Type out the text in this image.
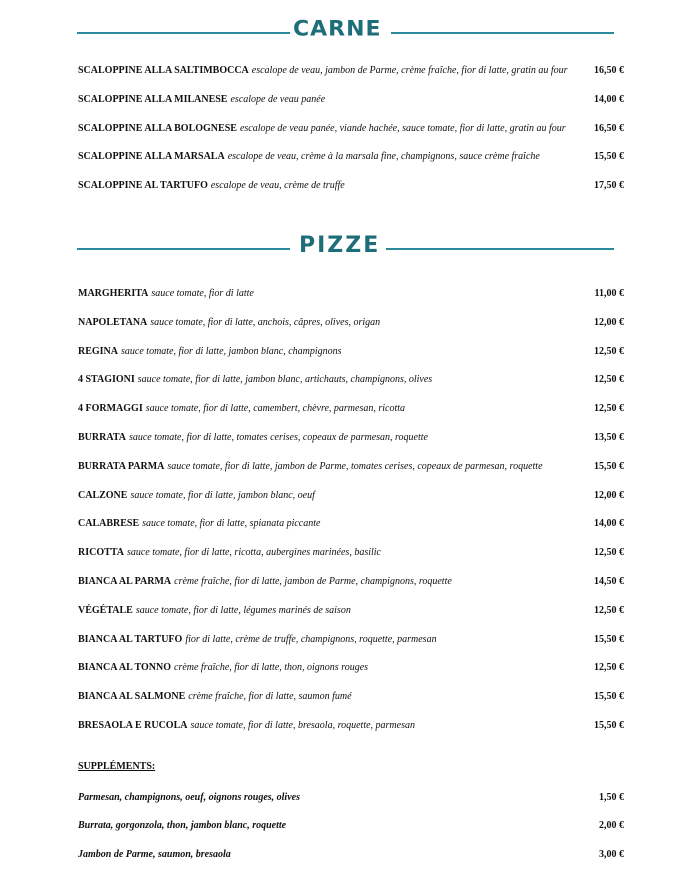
CARNE
SCALOPPINE ALLA SALTIMBOCCA escalope de veau, jambon de Parme, crème fraîche, fior di latte, gratin au four	16,50 €
SCALOPPINE ALLA MILANESE escalope de veau panée	14,00 €
SCALOPPINE ALLA BOLOGNESE escalope de veau panée, viande hachée, sauce tomate, fior di latte, gratin au four	16,50 €
SCALOPPINE ALLA MARSALA escalope de veau, crème à la marsala fine, champignons, sauce crème fraîche	15,50 €
SCALOPPINE AL TARTUFO escalope de veau, crème de truffe	17,50 €
PIZZE
MARGHERITA sauce tomate, fior di latte	11,00 €
NAPOLETANA sauce tomate, fior di latte, anchois, câpres, olives, origan	12,00 €
REGINA sauce tomate, fior di latte, jambon blanc, champignons	12,50 €
4 STAGIONI sauce tomate, fior di latte, jambon blanc, artichauts, champignons, olives	12,50 €
4 FORMAGGI sauce tomate, fior di latte, camembert, chèvre, parmesan, ricotta	12,50 €
BURRATA sauce tomate, fior di latte, tomates cerises, copeaux de parmesan, roquette	13,50 €
BURRATA PARMA sauce tomate, fior di latte, jambon de Parme, tomates cerises, copeaux de parmesan, roquette	15,50 €
CALZONE sauce tomate, fior di latte, jambon blanc, oeuf	12,00 €
CALABRESE sauce tomate, fior di latte, spianata piccante	14,00 €
RICOTTA sauce tomate, fior di latte, ricotta, aubergines marinées, basilic	12,50 €
BIANCA AL PARMA crème fraîche, fior di latte, jambon de Parme, champignons, roquette	14,50 €
VÉGÉTALE sauce tomate, fior di latte, légumes marinés de saison	12,50 €
BIANCA AL TARTUFO fior di latte, crème de truffe, champignons, roquette, parmesan	15,50 €
BIANCA AL TONNO crème fraîche, fior di latte, thon, oignons rouges	12,50 €
BIANCA AL SALMONE crème fraîche, fior di latte, saumon fumé	15,50 €
BRESAOLA E RUCOLA sauce tomate, fior di latte, bresaola, roquette, parmesan	15,50 €
SUPPLÉMENTS:
Parmesan, champignons, oeuf, oignons rouges, olives	1,50 €
Burrata, gorgonzola, thon, jambon blanc, roquette	2,00 €
Jambon de Parme, saumon, bresaola	3,00 €
